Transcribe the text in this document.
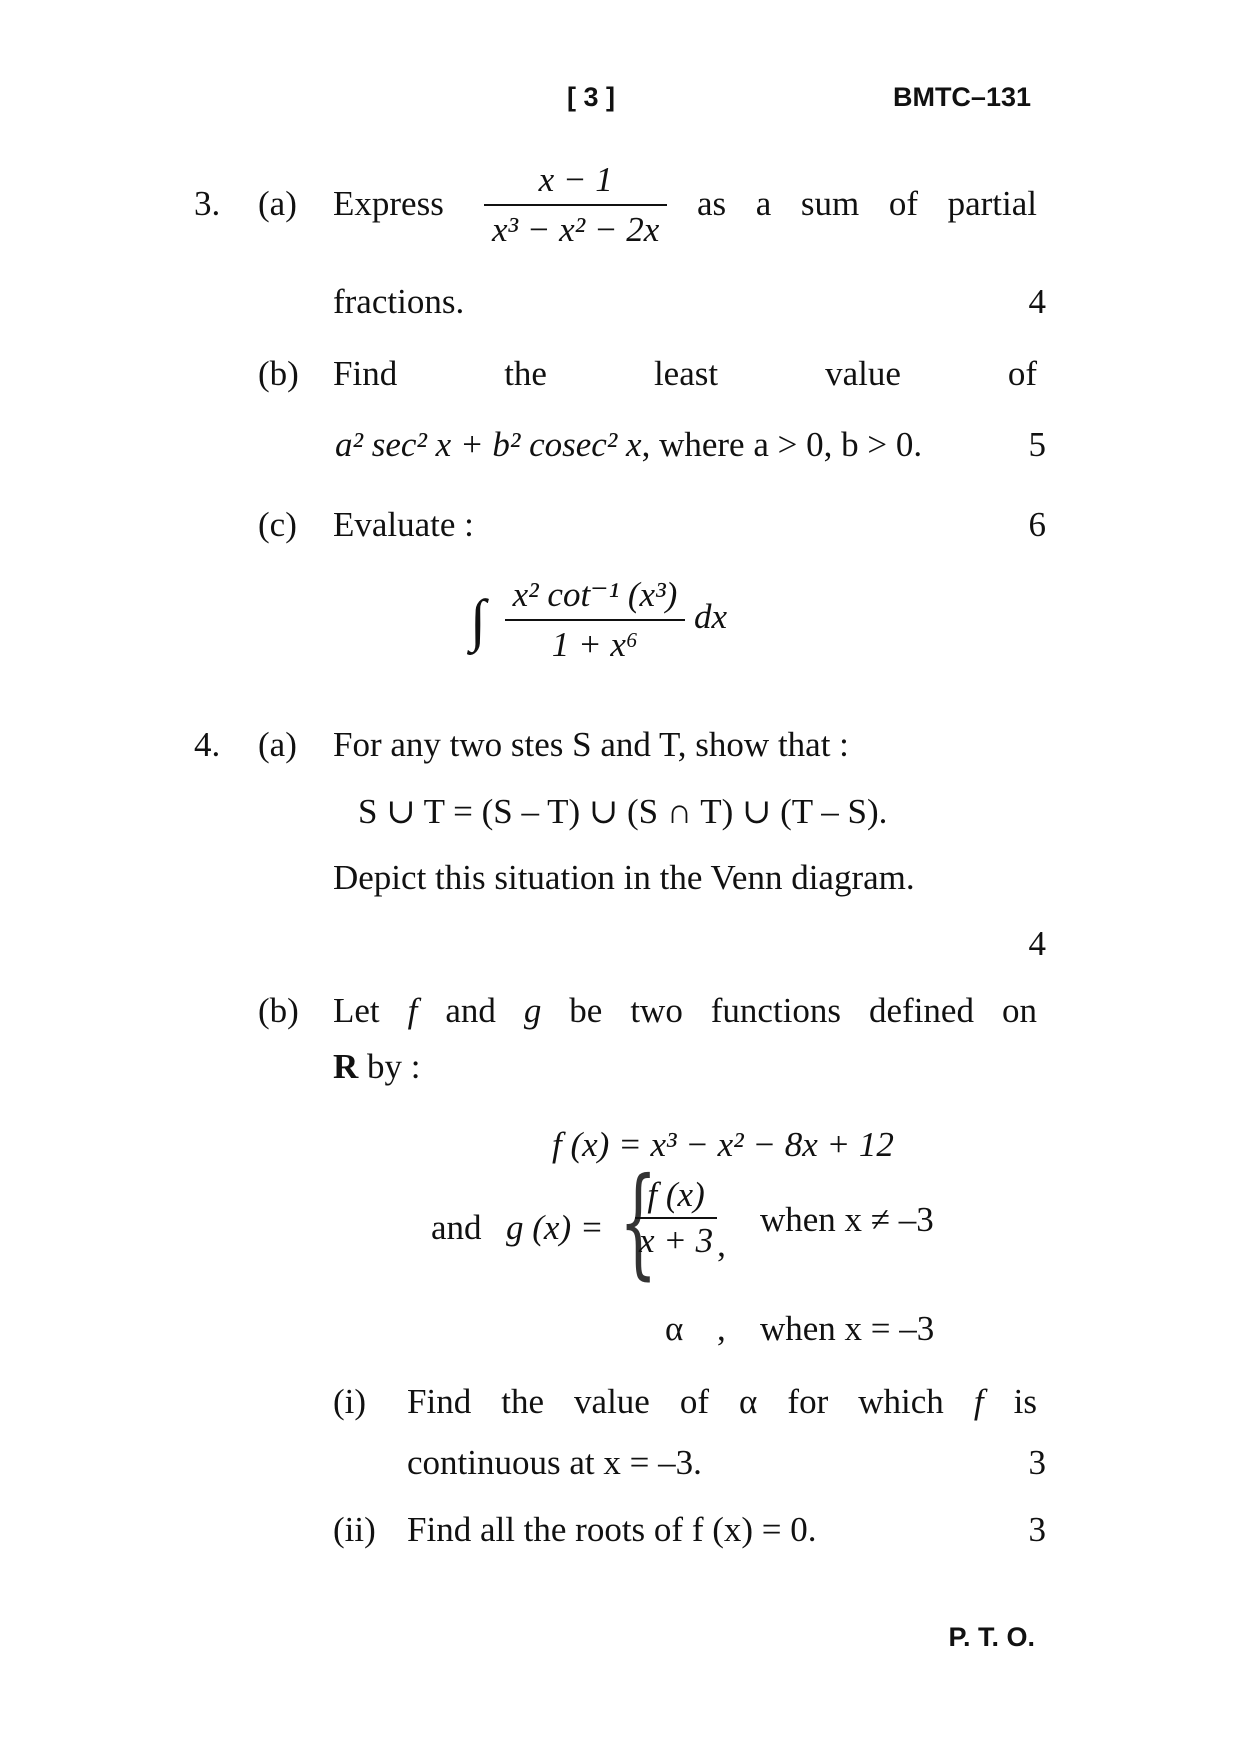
[ 3 ]	BMTC–131
3. (a) Express $\frac{x - 1}{\text{x³ − x² − 2x}}$ as a sum of partial
fractions.	4
(b) Find	the	least	value	of
a² sec² x + b² cosec² x, where a > 0, b > 0.	5
(c) Evaluate :	6
∫ $\frac{\text{x² cot⁻¹ (x³)}}{\text{1 + x⁶}}$ dx
4. (a) For any two stes S and T, show that :
S ∪ T = (S – T) ∪ (S ∩ T) ∪ (T – S).
Depict this situation in the Venn diagram.
4
(b) Let f and g be two functions defined on
R by :
f (x) = x³ − x² − 8x + 12
and g (x) = {
$\frac{f (x)}{x + 3}$ ,
when x ≠ –3
α , when x = –3
(i) Find the value of α for which f is
continuous at x = –3.	3
(ii) Find all the roots of f (x) = 0.	3
P. T. O.
